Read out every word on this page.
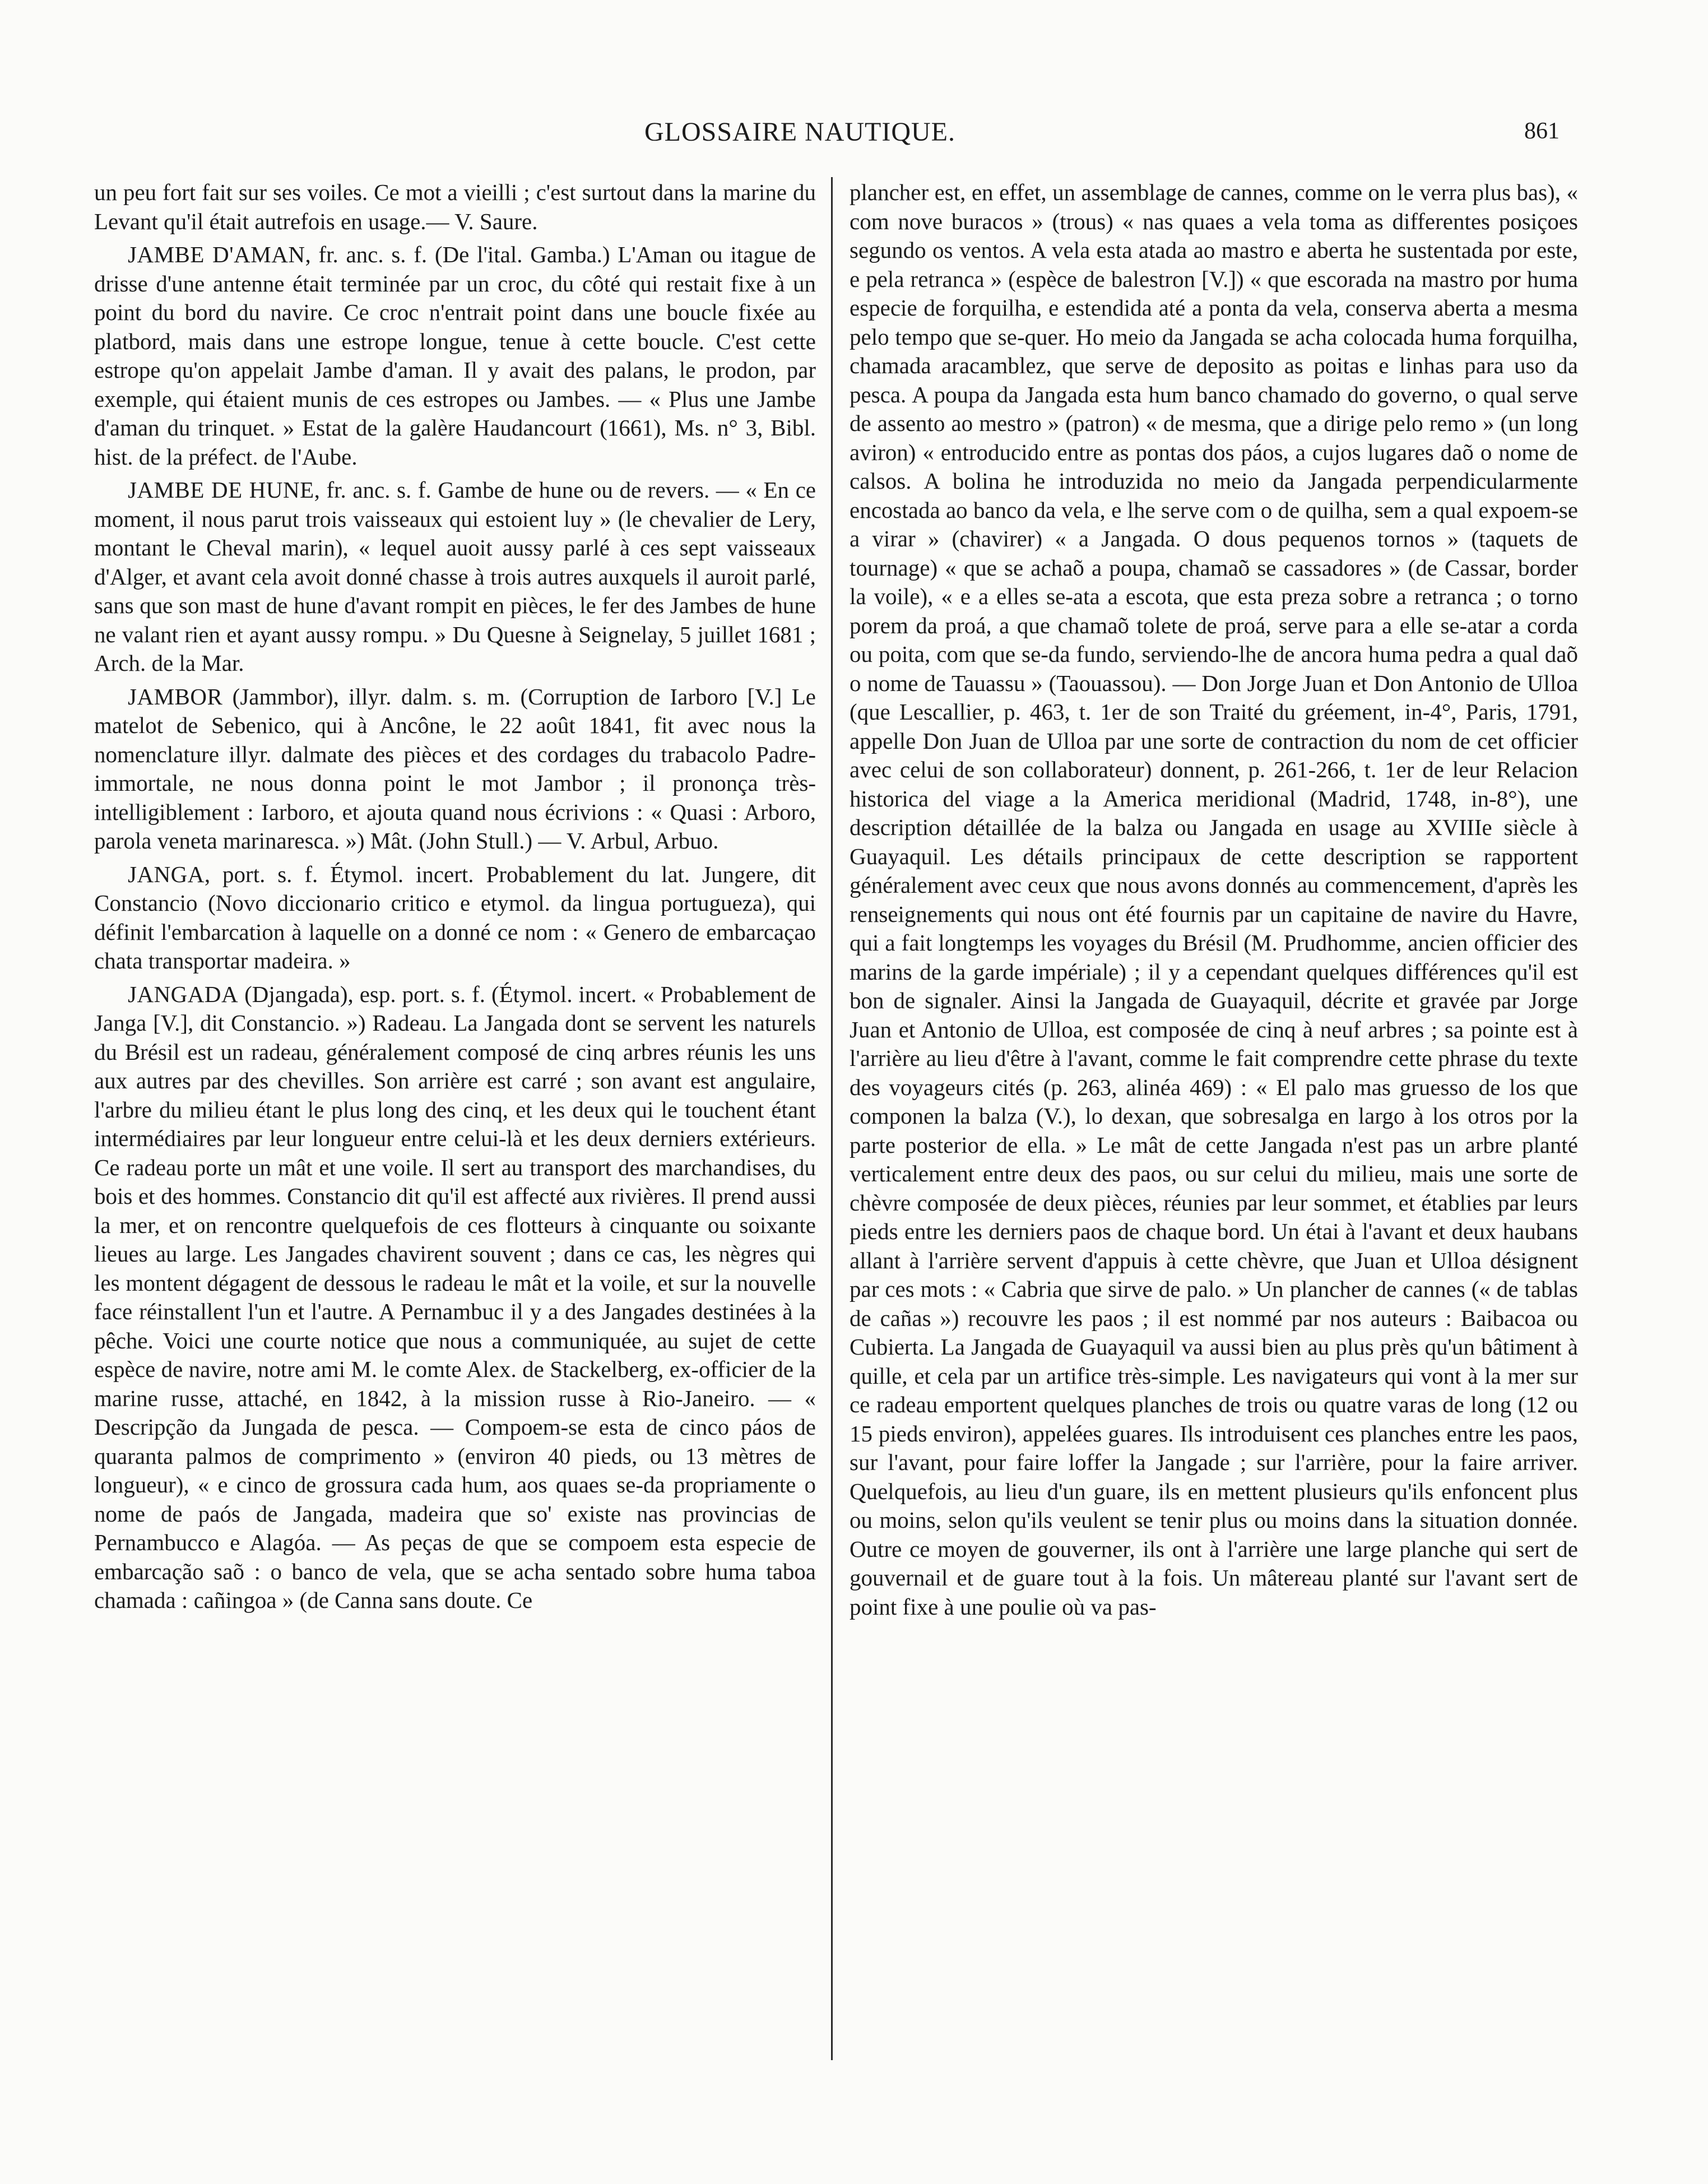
GLOSSAIRE NAUTIQUE.	861

un peu fort fait sur ses voiles. Ce mot a vieilli ; c'est surtout dans la marine du Levant qu'il était autrefois en usage.— V. Saure.

JAMBE D'AMAN, fr. anc. s. f. (De l'ital. Gamba.) L'Aman ou itague de drisse d'une antenne était terminée par un croc, du côté qui restait fixe à un point du bord du navire. Ce croc n'entrait point dans une boucle fixée au platbord, mais dans une estrope longue, tenue à cette boucle. C'est cette estrope qu'on appelait Jambe d'aman. Il y avait des palans, le prodon, par exemple, qui étaient munis de ces estropes ou Jambes. — « Plus une Jambe d'aman du trinquet. » Estat de la galère Haudancourt (1661), Ms. n° 3, Bibl. hist. de la préfect. de l'Aube.

JAMBE DE HUNE, fr. anc. s. f. Gambe de hune ou de revers. — « En ce moment, il nous parut trois vaisseaux qui estoient luy » (le chevalier de Lery, montant le Cheval marin), « lequel auoit aussy parlé à ces sept vaisseaux d'Alger, et avant cela avoit donné chasse à trois autres auxquels il auroit parlé, sans que son mast de hune d'avant rompit en pièces, le fer des Jambes de hune ne valant rien et ayant aussy rompu. » Du Quesne à Seignelay, 5 juillet 1681 ; Arch. de la Mar.

JAMBOR (Jammbor), illyr. dalm. s. m. (Corruption de Iarboro [V.] Le matelot de Sebenico, qui à Ancône, le 22 août 1841, fit avec nous la nomenclature illyr. dalmate des pièces et des cordages du trabacolo Padre-immortale, ne nous donna point le mot Jambor ; il prononça très-intelligiblement : Iarboro, et ajouta quand nous écrivions : « Quasi : Arboro, parola veneta marinaresca. ») Mât. (John Stull.) — V. Arbul, Arbuo.

JANGA, port. s. f. Étymol. incert. Probablement du lat. Jungere, dit Constancio (Novo diccionario critico e etymol. da lingua portugueza), qui définit l'embarcation à laquelle on a donné ce nom : « Genero de embarcaçao chata transportar madeira. »

JANGADA (Djangada), esp. port. s. f. (Étymol. incert. « Probablement de Janga [V.], dit Constancio. ») Radeau. La Jangada dont se servent les naturels du Brésil est un radeau, généralement composé de cinq arbres réunis les uns aux autres par des chevilles. Son arrière est carré ; son avant est angulaire, l'arbre du milieu étant le plus long des cinq, et les deux qui le touchent étant intermédiaires par leur longueur entre celui-là et les deux derniers extérieurs. Ce radeau porte un mât et une voile. Il sert au transport des marchandises, du bois et des hommes. Constancio dit qu'il est affecté aux rivières. Il prend aussi la mer, et on rencontre quelquefois de ces flotteurs à cinquante ou soixante lieues au large. Les Jangades chavirent souvent ; dans ce cas, les nègres qui les montent dégagent de dessous le radeau le mât et la voile, et sur la nouvelle face réinstallent l'un et l'autre. A Pernambuc il y a des Jangades destinées à la pêche. Voici une courte notice que nous a communiquée, au sujet de cette espèce de navire, notre ami M. le comte Alex. de Stackelberg, ex-officier de la marine russe, attaché, en 1842, à la mission russe à Rio-Janeiro. — « Descripção da Jungada de pesca. — Compoem-se esta de cinco páos de quaranta palmos de comprimento » (environ 40 pieds, ou 13 mètres de longueur), « e cinco de grossura cada hum, aos quaes se-da propriamente o nome de paós de Jangada, madeira que so' existe nas provincias de Pernambucco e Alagóa. — As peças de que se compoem esta especie de embarcação saõ : o banco de vela, que se acha sentado sobre huma taboa chamada : cañingoa » (de Canna sans doute. Ce

plancher est, en effet, un assemblage de cannes, comme on le verra plus bas), « com nove buracos » (trous) « nas quaes a vela toma as differentes posiçoes segundo os ventos. A vela esta atada ao mastro e aberta he sustentada por este, e pela retranca » (espèce de balestron [V.]) « que escorada na mastro por huma especie de forquilha, e estendida até a ponta da vela, conserva aberta a mesma pelo tempo que se-quer. Ho meio da Jangada se acha colocada huma forquilha, chamada aracamblez, que serve de deposito as poitas e linhas para uso da pesca. A poupa da Jangada esta hum banco chamado do governo, o qual serve de assento ao mestro » (patron) « de mesma, que a dirige pelo remo » (un long aviron) « entroducido entre as pontas dos páos, a cujos lugares daõ o nome de calsos. A bolina he introduzida no meio da Jangada perpendicularmente encostada ao banco da vela, e lhe serve com o de quilha, sem a qual expoem-se a virar » (chavirer) « a Jangada. O dous pequenos tornos » (taquets de tournage) « que se achaõ a poupa, chamaõ se cassadores » (de Cassar, border la voile), « e a elles se-ata a escota, que esta preza sobre a retranca ; o torno porem da proá, a que chamaõ tolete de proá, serve para a elle se-atar a corda ou poita, com que se-da fundo, serviendo-lhe de ancora huma pedra a qual daõ o nome de Tauassu » (Taouassou). — Don Jorge Juan et Don Antonio de Ulloa (que Lescallier, p. 463, t. 1er de son Traité du gréement, in-4°, Paris, 1791, appelle Don Juan de Ulloa par une sorte de contraction du nom de cet officier avec celui de son collaborateur) donnent, p. 261-266, t. 1er de leur Relacion historica del viage a la America meridional (Madrid, 1748, in-8°), une description détaillée de la balza ou Jangada en usage au XVIIIe siècle à Guayaquil. Les détails principaux de cette description se rapportent généralement avec ceux que nous avons donnés au commencement, d'après les renseignements qui nous ont été fournis par un capitaine de navire du Havre, qui a fait longtemps les voyages du Brésil (M. Prudhomme, ancien officier des marins de la garde impériale) ; il y a cependant quelques différences qu'il est bon de signaler. Ainsi la Jangada de Guayaquil, décrite et gravée par Jorge Juan et Antonio de Ulloa, est composée de cinq à neuf arbres ; sa pointe est à l'arrière au lieu d'être à l'avant, comme le fait comprendre cette phrase du texte des voyageurs cités (p. 263, alinéa 469) : « El palo mas gruesso de los que componen la balza (V.), lo dexan, que sobresalga en largo à los otros por la parte posterior de ella. » Le mât de cette Jangada n'est pas un arbre planté verticalement entre deux des paos, ou sur celui du milieu, mais une sorte de chèvre composée de deux pièces, réunies par leur sommet, et établies par leurs pieds entre les derniers paos de chaque bord. Un étai à l'avant et deux haubans allant à l'arrière servent d'appuis à cette chèvre, que Juan et Ulloa désignent par ces mots : « Cabria que sirve de palo. » Un plancher de cannes (« de tablas de cañas ») recouvre les paos ; il est nommé par nos auteurs : Baibacoa ou Cubierta. La Jangada de Guayaquil va aussi bien au plus près qu'un bâtiment à quille, et cela par un artifice très-simple. Les navigateurs qui vont à la mer sur ce radeau emportent quelques planches de trois ou quatre varas de long (12 ou 15 pieds environ), appelées guares. Ils introduisent ces planches entre les paos, sur l'avant, pour faire loffer la Jangade ; sur l'arrière, pour la faire arriver. Quelquefois, au lieu d'un guare, ils en mettent plusieurs qu'ils enfoncent plus ou moins, selon qu'ils veulent se tenir plus ou moins dans la situation donnée. Outre ce moyen de gouverner, ils ont à l'arrière une large planche qui sert de gouvernail et de guare tout à la fois. Un mâtereau planté sur l'avant sert de point fixe à une poulie où va pas-
